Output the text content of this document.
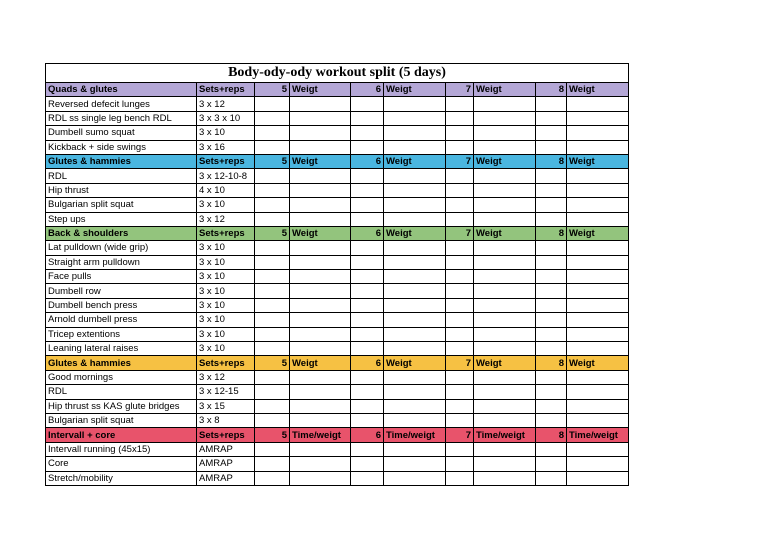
Body-ody-ody workout split (5 days)									
Quads & glutes	Sets+reps	5	Weigt	6	Weigt	7	Weigt	8	Weigt
Reversed defecit lunges	3 x 12								
RDL ss single leg bench RDL	3 x 3 x 10								
Dumbell sumo squat	3 x 10								
Kickback + side swings	3 x 16								
Glutes & hammies	Sets+reps	5	Weigt	6	Weigt	7	Weigt	8	Weigt
RDL	3 x 12-10-8								
Hip thrust	4 x 10								
Bulgarian split squat	3 x 10								
Step ups	3 x 12								
Back & shoulders	Sets+reps	5	Weigt	6	Weigt	7	Weigt	8	Weigt
Lat pulldown (wide grip)	3 x 10								
Straight arm pulldown	3 x 10								
Face pulls	3 x 10								
Dumbell row	3 x 10								
Dumbell bench press	3 x 10								
Arnold dumbell press	3 x 10								
Tricep extentions	3 x 10								
Leaning lateral raises	3 x 10								
Glutes & hammies	Sets+reps	5	Weigt	6	Weigt	7	Weigt	8	Weigt
Good mornings	3 x 12								
RDL	3 x 12-15								
Hip thrust ss KAS glute bridges	3 x 15								
Bulgarian split squat	3 x 8								
Intervall + core	Sets+reps	5	Time/weigt	6	Time/weigt	7	Time/weigt	8	Time/weigt
Intervall running (45x15)	AMRAP								
Core	AMRAP								
Stretch/mobility	AMRAP								
